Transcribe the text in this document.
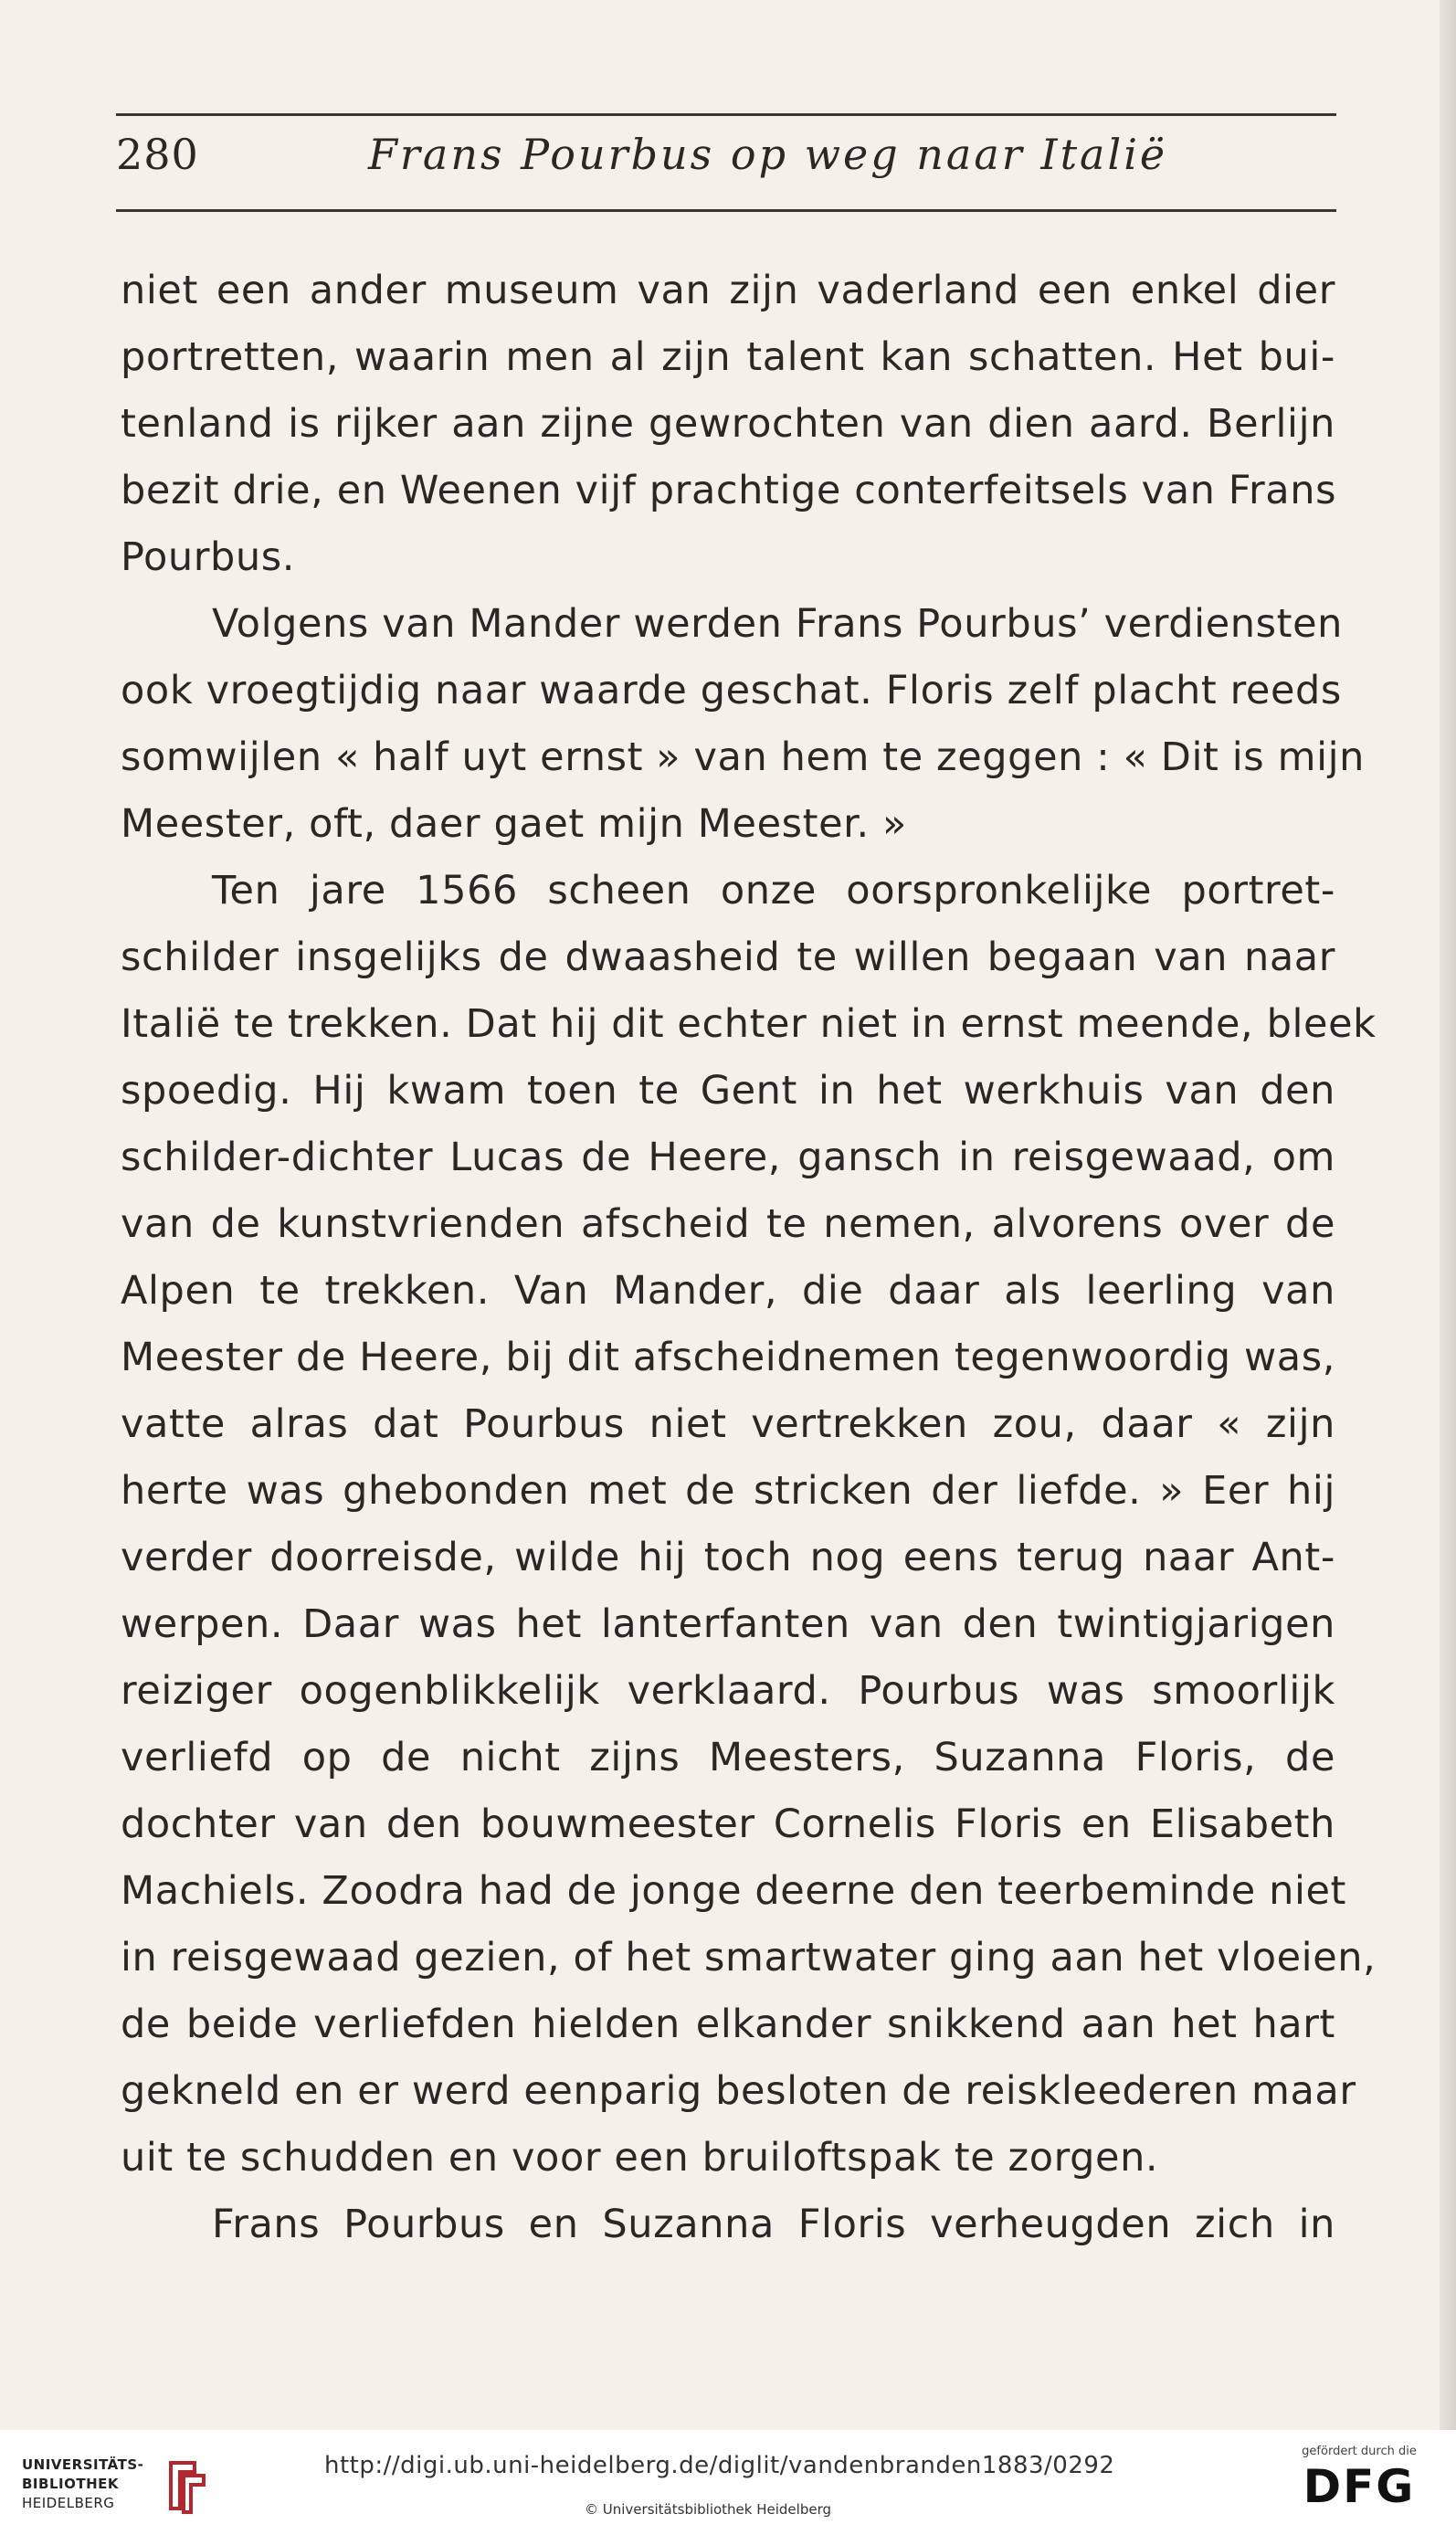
280	Frans Pourbus op weg naar Italië
niet een ander museum van zijn vaderland een enkel dier
portretten, waarin men al zijn talent kan schatten. Het bui-
tenland is rijker aan zijne gewrochten van dien aard. Berlijn
bezit drie, en Weenen vijf prachtige conterfeitsels van Frans
Pourbus.
Volgens van Mander werden Frans Pourbus’ verdiensten
ook vroegtijdig naar waarde geschat. Floris zelf placht reeds
somwijlen « half uyt ernst » van hem te zeggen : « Dit is mijn
Meester, oft, daer gaet mijn Meester. »
Ten jare 1566 scheen onze oorspronkelijke portret-
schilder insgelijks de dwaasheid te willen begaan van naar
Italië te trekken. Dat hij dit echter niet in ernst meende, bleek
spoedig. Hij kwam toen te Gent in het werkhuis van den
schilder-dichter Lucas de Heere, gansch in reisgewaad, om
van de kunstvrienden afscheid te nemen, alvorens over de
Alpen te trekken. Van Mander, die daar als leerling van
Meester de Heere, bij dit afscheidnemen tegenwoordig was,
vatte alras dat Pourbus niet vertrekken zou, daar « zijn
herte was ghebonden met de stricken der liefde. » Eer hij
verder doorreisde, wilde hij toch nog eens terug naar Ant-
werpen. Daar was het lanterfanten van den twintigjarigen
reiziger oogenblikkelijk verklaard. Pourbus was smoorlijk
verliefd op de nicht zijns Meesters, Suzanna Floris, de
dochter van den bouwmeester Cornelis Floris en Elisabeth
Machiels. Zoodra had de jonge deerne den teerbeminde niet
in reisgewaad gezien, of het smartwater ging aan het vloeien,
de beide verliefden hielden elkander snikkend aan het hart
gekneld en er werd eenparig besloten de reiskleederen maar
uit te schudden en voor een bruiloftspak te zorgen.
Frans Pourbus en Suzanna Floris verheugden zich in
UNIVERSITÄTS-
BIBLIOTHEK
HEIDELBERG
http://digi.ub.uni-heidelberg.de/diglit/vandenbranden1883/0292
© Universitätsbibliothek Heidelberg
gefördert durch die
DFG
